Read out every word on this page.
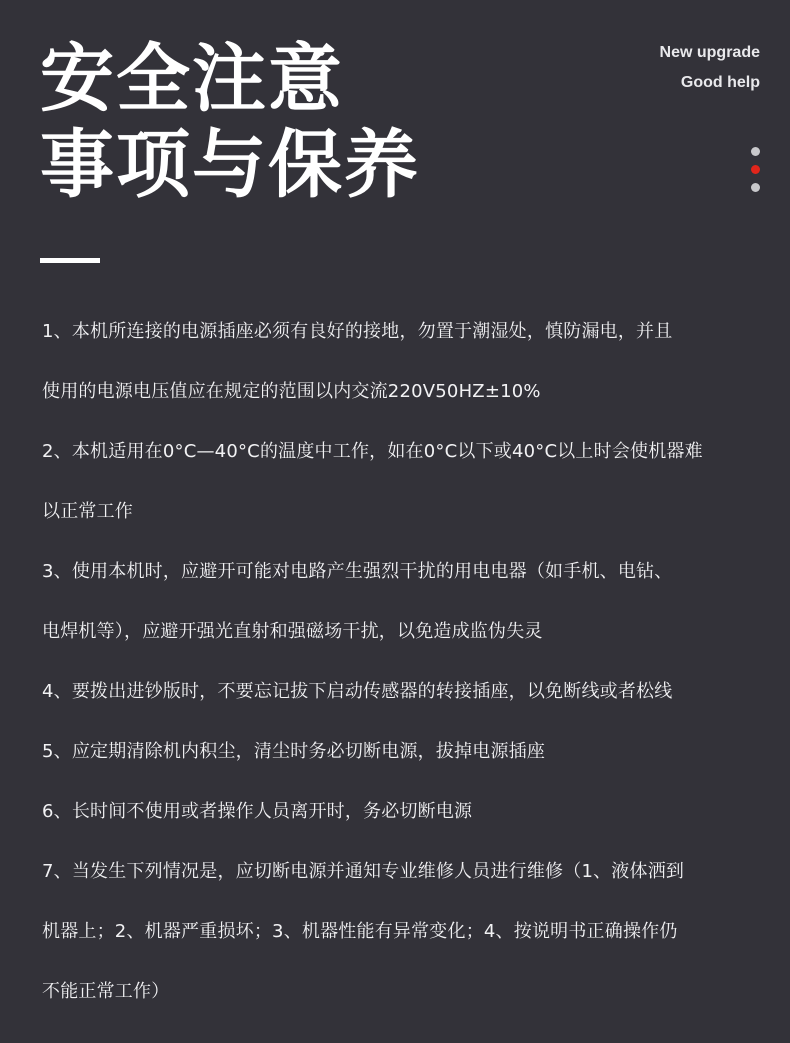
安全注意
事项与保养
New upgrade
Good help
1、本机所连接的电源插座必须有良好的接地，勿置于潮湿处，慎防漏电，并且
使用的电源电压值应在规定的范围以内交流220V50HZ±10%
2、本机适用在0°C—40°C的温度中工作，如在0°C以下或40°C以上时会使机器难
以正常工作
3、使用本机时，应避开可能对电路产生强烈干扰的用电电器（如手机、电钻、
电焊机等），应避开强光直射和强磁场干扰，以免造成监伪失灵
4、要拨出进钞版时，不要忘记拔下启动传感器的转接插座，以免断线或者松线
5、应定期清除机内积尘，清尘时务必切断电源，拔掉电源插座
6、长时间不使用或者操作人员离开时，务必切断电源
7、当发生下列情况是，应切断电源并通知专业维修人员进行维修（1、液体洒到
机器上；2、机器严重损坏；3、机器性能有异常变化；4、按说明书正确操作仍
不能正常工作）
